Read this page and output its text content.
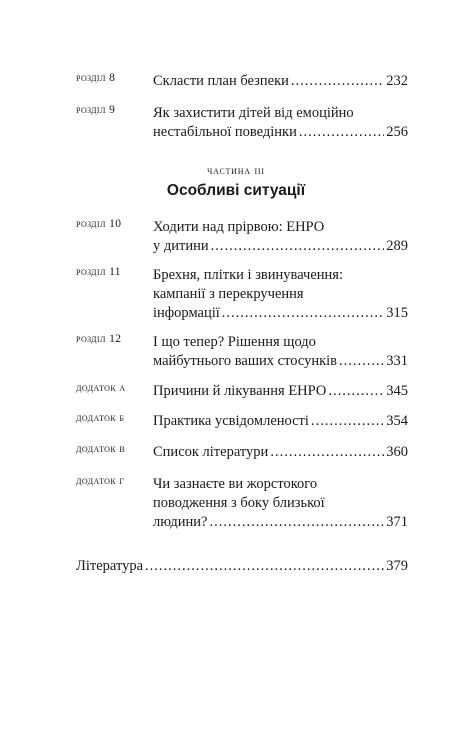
розділ 8	Скласти план безпеки .....	232
розділ 9	Як захистити дітей від емоційно
нестабільної поведінки .....	256
частина ііі
Особливі ситуації
розділ 10 Ходити над прірвою: ЕНРО
у дитини .....	289
розділ 11 Брехня, плітки і звинувачення:
кампанії з перекручення
інформації .....	315
розділ 12 І що тепер? Рішення щодо
майбутнього ваших стосунків .....	331
додаток а Причини й лікування ЕНРО .....	345
додаток б Практика усвідомленості .....	354
додаток в Список літератури .....	360
додаток г Чи зазнаєте ви жорстокого
поводження з боку близької
людини? .....	371
Література .....	379
